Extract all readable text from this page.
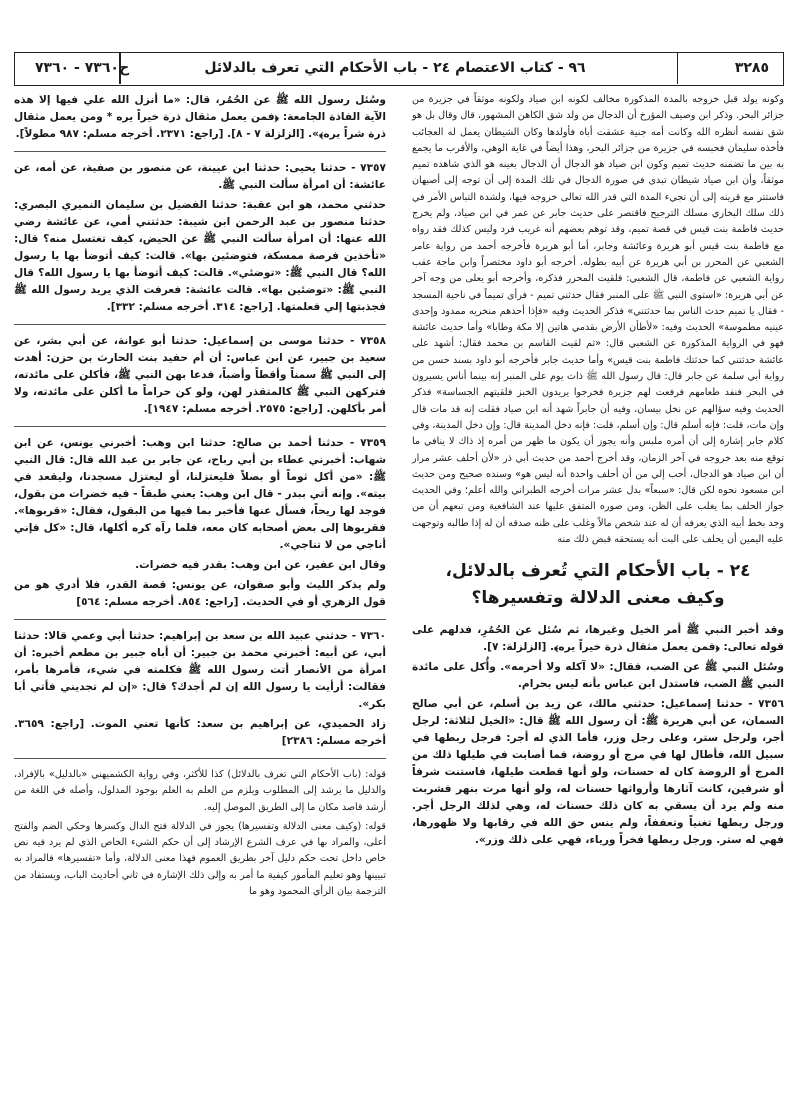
٣٢٨٥
٩٦ - كتاب الاعتصام ٢٤ - باب الأحكام التي تعرف بالدلائل
ح٧٣٦٠ - ٧٣٦٠

وكونه يولد قبل خروجه بالمدة المذكورة مخالف لكونه ابن صياد ولكونه موثقاً في جزيرة من جزائر البحر. وذكر ابن وصيف المؤرخ أن الدجال من ولد شق الكاهن المشهور، قال وقال بل هو شق نفسه أنظره الله وكانت أمه جنية عشقت أباه فأولدها وكان الشيطان يعمل له العجائب فأخذه سليمان فحبسه في جزيرة من جزائر البحر، وهذا أيضاً في غاية الوهي، والأقرب ما يجمع به بين ما تضمنه حديث تميم وكون ابن صياد هو الدجال أن الدجال بعينه هو الذي شاهده تميم موثقاً، وأن ابن صياد شيطان تبدى في صورة الدجال في تلك المدة إلى أن توجه إلى أصبهان فاستتر مع قرينه إلى أن تجيء المدة التي قدر الله تعالى خروجه فيها، ولشدة التباس الأمر في ذلك سلك البخاري مسلك الترجيح فاقتصر على حديث جابر عن عمر في ابن صياد، ولم يخرج حديث فاطمة بنت قيس في قصة تميم، وقد توهم بعضهم أنه غريب فرد وليس كذلك فقد رواه مع فاطمة بنت قيس أبو هريرة وعائشة وجابر، أما أبو هريرة فأخرجه أحمد من رواية عامر الشعبي عن المحرر بن أبي هريرة عن أبيه بطوله. أخرجه أبو داود مختصراً وابن ماجة عقب رواية الشعبي عن فاطمة، قال الشعبي: فلقيت المحرر فذكره، وأخرجه أبو يعلى من وجه آخر عن أبي هريرة: «استوى النبي ﷺ على المنبر فقال حدثني تميم - فرأى تميماً في ناحية المسجد - فقال يا تميم حدث الناس بما حدثتني» فذكر الحديث وفيه «فإذا أحدهم منخريه ممدود وإحدى عينيه مطموسة» الحديث وفيه: «لأطأن الأرض بقدمي هاتين إلا مكة وطابا» وأما حديث عائشة فهو في الرواية المذكورة عن الشعبي قال: «ثم لقيت القاسم بن محمد فقال: أشهد على عائشة حدثتني كما حدثتك فاطمة بنت قيس» وأما حديث جابر فأخرجه أبو داود بسند حسن من رواية أبي سلمة عن جابر قال: قال رسول الله ﷺ ذات يوم على المنبر إنه بينما أناس يسيرون في البحر فنفد طعامهم فرفعت لهم جزيرة فخرجوا يريدون الخبز فلقيتهم الجساسة» فذكر الحديث وفيه سؤالهم عن نخل بيسان، وفيه أن جابراً شهد أنه ابن صياد فقلت إنه قد مات قال وإن مات، قلت: فإنه أسلم قال: وإن أسلم، قلت: فإنه دخل المدينة قال: وإن دخل المدينة، وفي كلام جابر إشارة إلى أن أمره ملبس وأنه يجوز أن يكون ما ظهر من أمره إذ ذاك لا ينافي ما توقع منه بعد خروجه في آخر الزمان، وقد أخرج أحمد من حديث أبي ذر «لأن أحلف عشر مرار أن ابن صياد هو الدجال، أحب إلي من أن أحلف واحدة أنه ليس هو» وسنده صحيح ومن حديث ابن مسعود نحوه لكن قال: «سبعاً» بدل عشر مرات أخرجه الطبراني والله أعلم؛ وفي الحديث جواز الحلف بما يغلب على الظن، ومن صوره المتفق عليها عند الشافعية ومن تبعهم أن من وجد بخط أبيه الذي يعرفه أن له عند شخص مالاً وغلب على ظنه صدقه أن له إذا طالبه وتوجهت عليه اليمين أن يحلف على البت أنه يستحقه قبض ذلك منه

٢٤ - باب الأحكام التي تُعرف بالدلائل،
وكيف معنى الدلالة وتفسيرها؟

وقد أخبر النبي ﷺ أمر الخيل وغيرها، ثم سُئل عن الحُمُرِ، فدلهم على قوله تعالى: ﴿فمن يعمل مثقال ذرة خيراً يره﴾. [الزلزلة: ٧].

وسُئل النبي ﷺ عن الضب، فقال: «لا آكله ولا أحرمه». وأُكل على مائدة النبي ﷺ الضب، فاستدل ابن عباس بأنه ليس بحرام.

٧٣٥٦ - حدثنا إسماعيل: حدثني مالك، عن زيد بن أسلم، عن أبي صالح السمان، عن أبي هريرة ﷺ: أن رسول الله ﷺ قال: «الخيل لثلاثة: لرجل أجر، ولرجل ستر، وعلى رجل وزر، فأما الذي له أجر: فرجل ربطها في سبيل الله، فأطال لها في مرج أو روضة، فما أصابت في طيلها ذلك من المرج أو الروضة كان له حسنات، ولو أنها قطعت طيلها، فاستنت شرفاً أو شرفين، كانت آثارها وأرواثها حسنات له، ولو أنها مرت بنهر فشربت منه ولم يرد أن يسقي به كان ذلك حسنات له، وهي لذلك الرجل أجر. ورجل ربطها تغنياً وتعففاً، ولم ينس حق الله في رقابها ولا ظهورها، فهي له ستر. ورجل ربطها فخراً ورياء، فهي على ذلك وزر».

وسُئل رسول الله ﷺ عن الحُمُر، قال: «ما أنزل الله علي فيها إلا هذه الآية الفاذة الجامعة: ﴿فمن يعمل مثقال ذرة خيراً يره * ومن يعمل مثقال ذرة شراً يره﴾». [الزلزلة ٧ - ٨]. [راجع: ٢٣٧١. أخرجه مسلم: ٩٨٧ مطولاً].

٧٣٥٧ - حدثنا يحيى: حدثنا ابن عيينة، عن منصور بن صفية، عن أمه، عن عائشة: أن امرأة سألت النبي ﷺ.

حدثني محمد، هو ابن عقبة: حدثنا الفضيل بن سليمان النميري البصري: حدثنا منصور بن عبد الرحمن ابن شيبة: حدثتني أمي، عن عائشة رضي الله عنها: أن امرأة سألت النبي ﷺ عن الحيض، كيف تغتسل منه؟ قال: «تأخذين فرصة ممسكة، فتوضئين بها». قالت: كيف أتوضأ بها يا رسول الله؟ قال النبي ﷺ: «توضئي». قالت: كيف أتوضأ بها يا رسول الله؟ قال النبي ﷺ: «توضئين بها». قالت عائشة: فعرفت الذي يريد رسول الله ﷺ فجذبتها إلي فعلمتها. [راجع: ٣١٤. أخرجه مسلم: ٣٣٢].

٧٣٥٨ - حدثنا موسى بن إسماعيل: حدثنا أبو عوانة، عن أبي بشر، عن سعيد بن جبير، عن ابن عباس: أن أم حفيد بنت الحارث بن حزن: أهدت إلى النبي ﷺ سمناً وأقطاً وأضباً، فدعا بهن النبي ﷺ، فأكلن على مائدته، فتركهن النبي ﷺ كالمتقذر لهن، ولو كن حراماً ما أكلن على مائدته، ولا أمر بأكلهن. [راجع: ٢٥٧٥. أخرجه مسلم: ١٩٤٧].

٧٣٥٩ - حدثنا أحمد بن صالح: حدثنا ابن وهب: أخبرني يونس، عن ابن شهاب: أخبرني عطاء بن أبي رباح، عن جابر بن عبد الله قال: قال النبي ﷺ: «من أكل ثوماً أو بصلاً فليعتزلنا، أو ليعتزل مسجدنا، وليقعد في بيته». وإنه أتي ببدر - قال ابن وهب: يعني طبقاً - فيه خضرات من بقول، فوجد لها ريحاً، فسأل عنها فأخبر بما فيها من البقول، فقال: «قربوها». فقربوها إلى بعض أصحابه كان معه، فلما رآه كره أكلها، قال: «كل فإني أناجي من لا تناجي».

وقال ابن عفير، عن ابن وهب: بقدر فيه خضرات.

ولم يذكر الليث وأبو صفوان، عن يونس: قصة القدر، فلا أدري هو من قول الزهري أو في الحديث. [راجع: ٨٥٤. أخرجه مسلم: ٥٦٤]

٧٣٦٠ - حدثني عبيد الله بن سعد بن إبراهيم: حدثنا أبي وعمي قالا: حدثنا أبي، عن أبيه: أخبرني محمد بن جبير: أن أباه جبير بن مطعم أخبره: أن امرأة من الأنصار أتت رسول الله ﷺ فكلمته في شيء، فأمرها بأمر، فقالت: أرأيت يا رسول الله إن لم أجدك؟ قال: «إن لم تجديني فأتي أبا بكر».

زاد الحميدي، عن إبراهيم بن سعد: كأنها تعني الموت. [راجع: ٣٦٥٩. أخرجه مسلم: ٢٣٨٦]

قوله: (باب الأحكام التي تعرف بالدلائل) كذا للأكثر، وفي رواية الكشميهني «بالدليل» بالإفراد، والدليل ما يرشد إلى المطلوب ويلزم من العلم به العلم بوجود المدلول، وأصله في اللغة من أرشد قاصد مكان ما إلى الطريق الموصل إليه.

قوله: (وكيف معنى الدلالة وتفسيرها) يجوز في الدلالة فتح الدال وكسرها وحكي الضم والفتح أعلى، والمراد بها في عرف الشرع الإرشاد إلى أن حكم الشيء الخاص الذي لم يرد فيه نص خاص داخل تحت حكم دليل آخر بطريق العموم فهذا معنى الدلالة، وأما «تفسيرها» فالمراد به تبيينها وهو تعليم المأمور كيفية ما أمر به وإلى ذلك الإشارة في ثاني أحاديث الباب، ويستفاد من الترجمة بيان الرأي المحمود وهو ما
